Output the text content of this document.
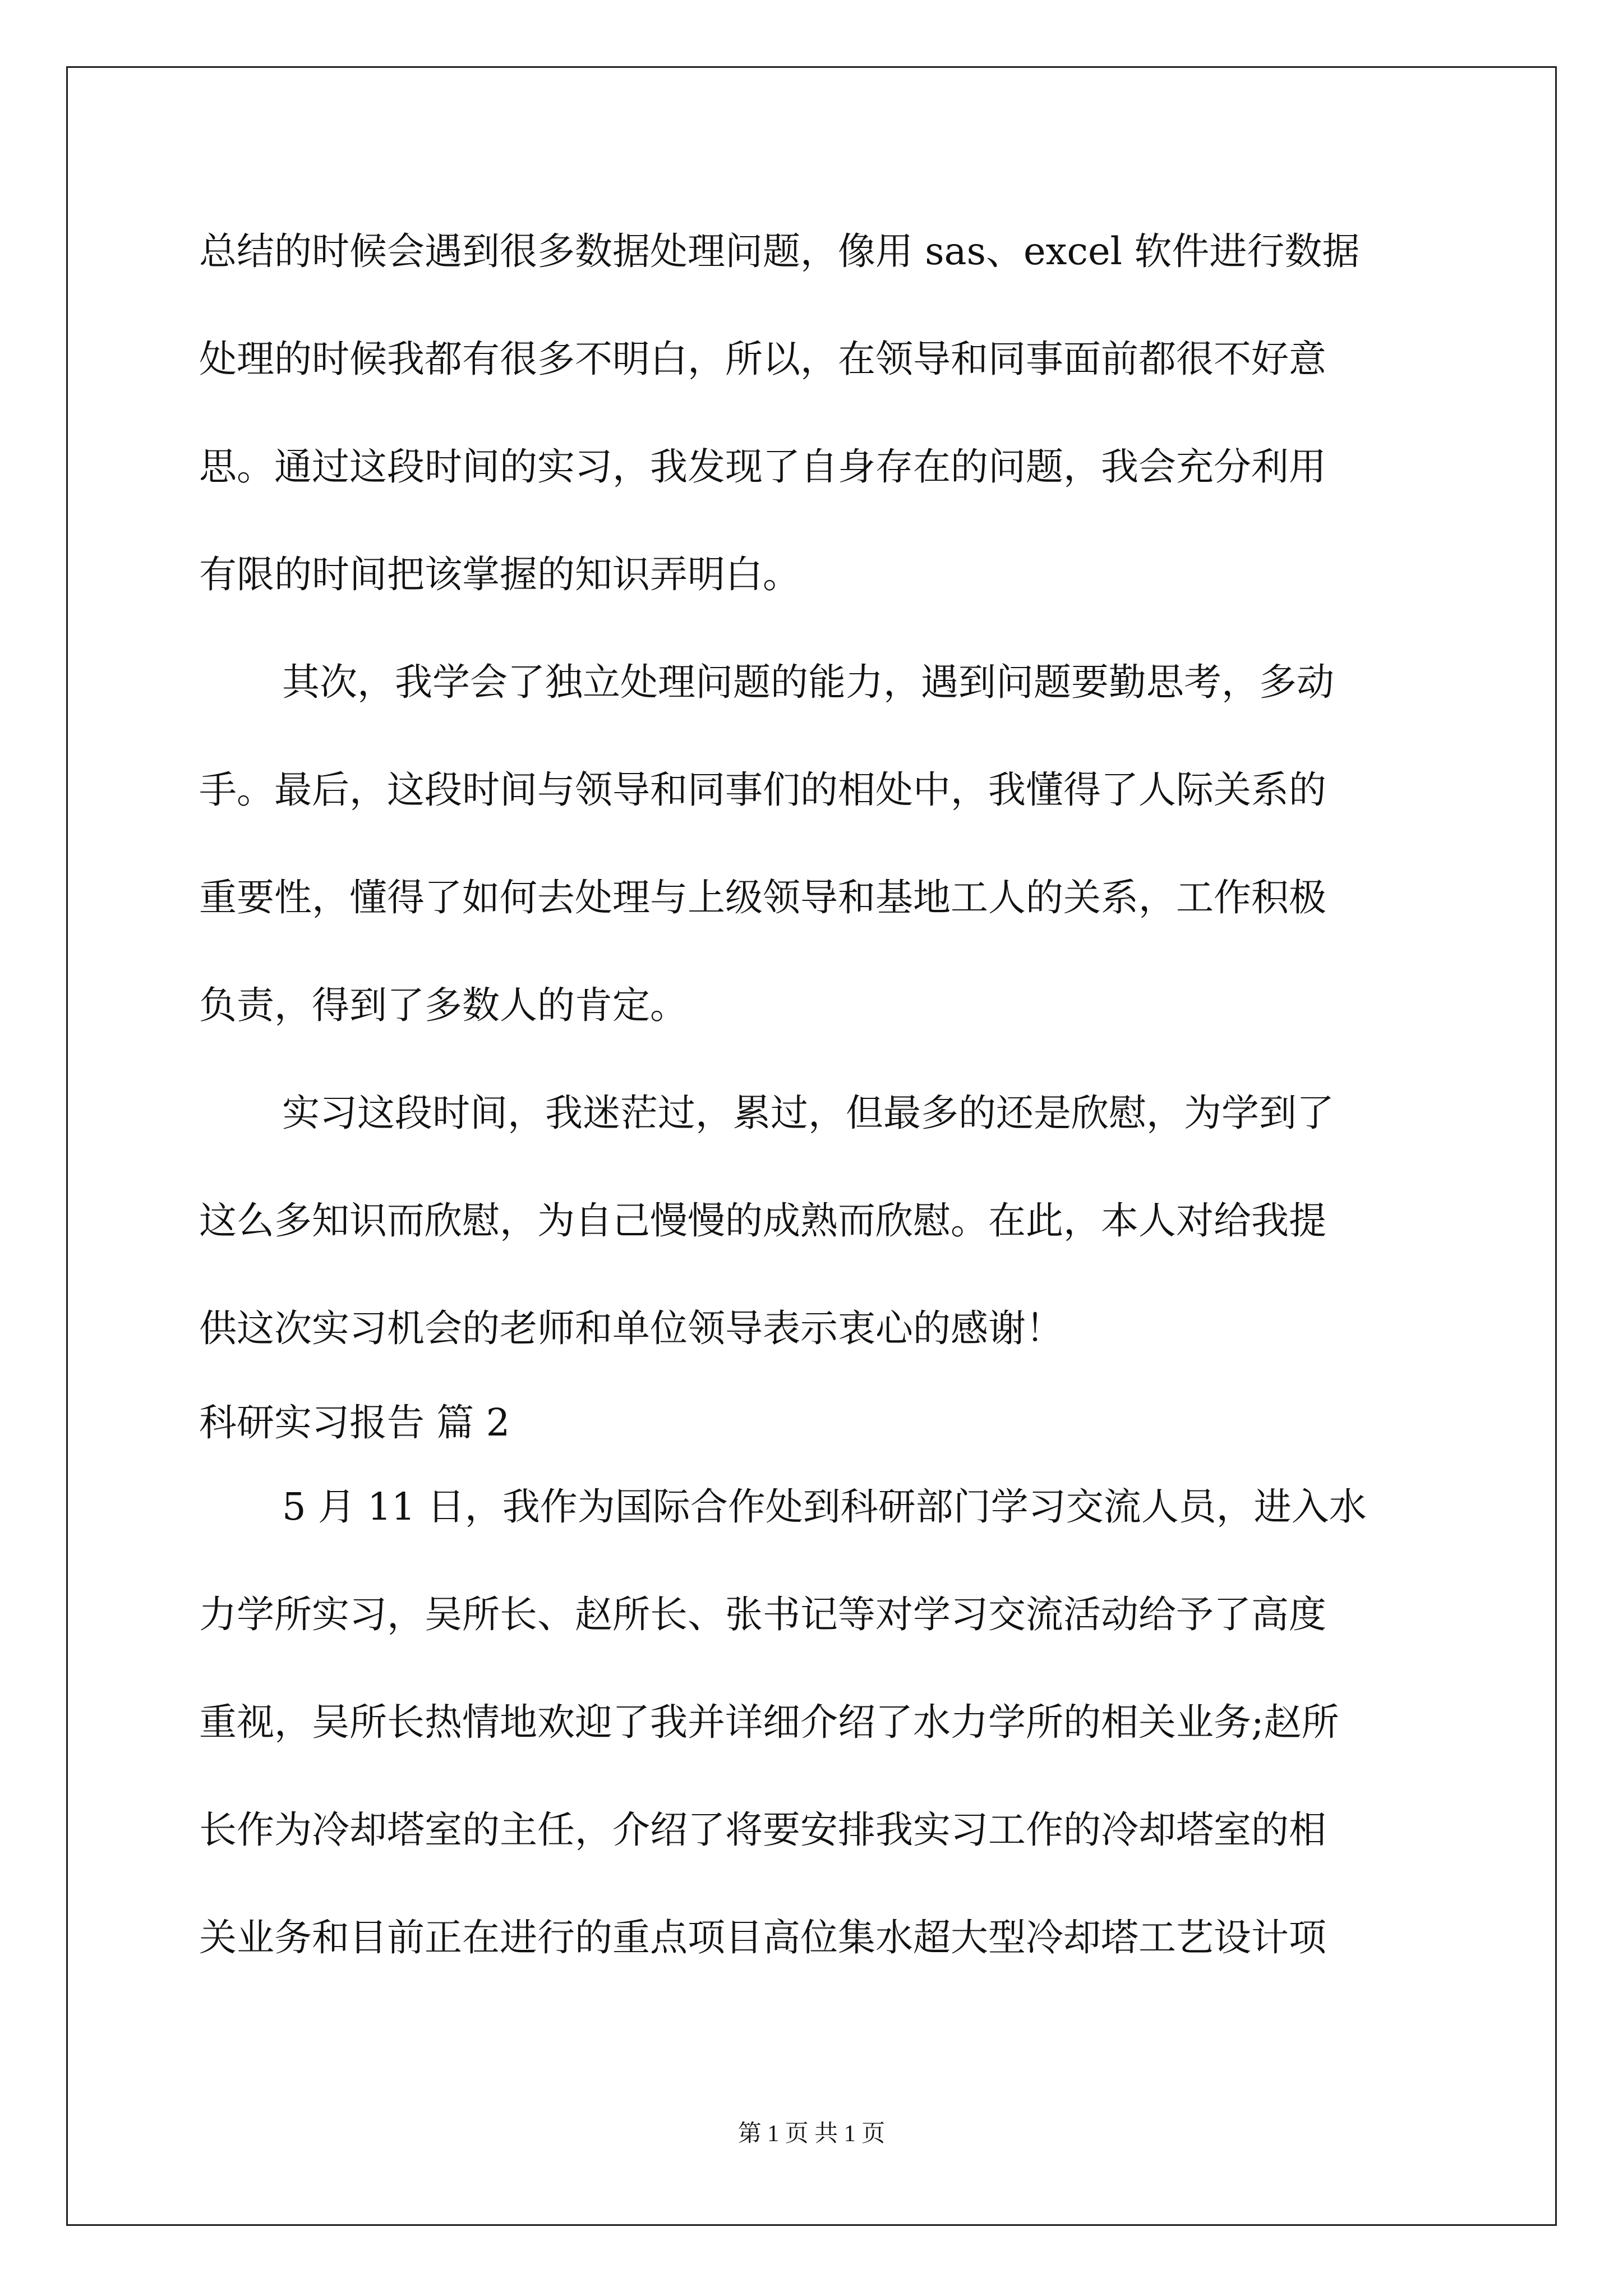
总结的时候会遇到很多数据处理问题，像用 sas、excel 软件进行数据

处理的时候我都有很多不明白，所以，在领导和同事面前都很不好意

思。通过这段时间的实习，我发现了自身存在的问题，我会充分利用

有限的时间把该掌握的知识弄明白。

其次，我学会了独立处理问题的能力，遇到问题要勤思考，多动

手。最后，这段时间与领导和同事们的相处中，我懂得了人际关系的

重要性，懂得了如何去处理与上级领导和基地工人的关系，工作积极

负责，得到了多数人的肯定。

实习这段时间，我迷茫过，累过，但最多的还是欣慰，为学到了

这么多知识而欣慰，为自己慢慢的成熟而欣慰。在此，本人对给我提

供这次实习机会的老师和单位领导表示衷心的感谢！

科研实习报告 篇 2

5 月 11 日，我作为国际合作处到科研部门学习交流人员，进入水

力学所实习，吴所长、赵所长、张书记等对学习交流活动给予了高度

重视，吴所长热情地欢迎了我并详细介绍了水力学所的相关业务;赵所

长作为冷却塔室的主任，介绍了将要安排我实习工作的冷却塔室的相

关业务和目前正在进行的重点项目高位集水超大型冷却塔工艺设计项

第 1 页 共 1 页
